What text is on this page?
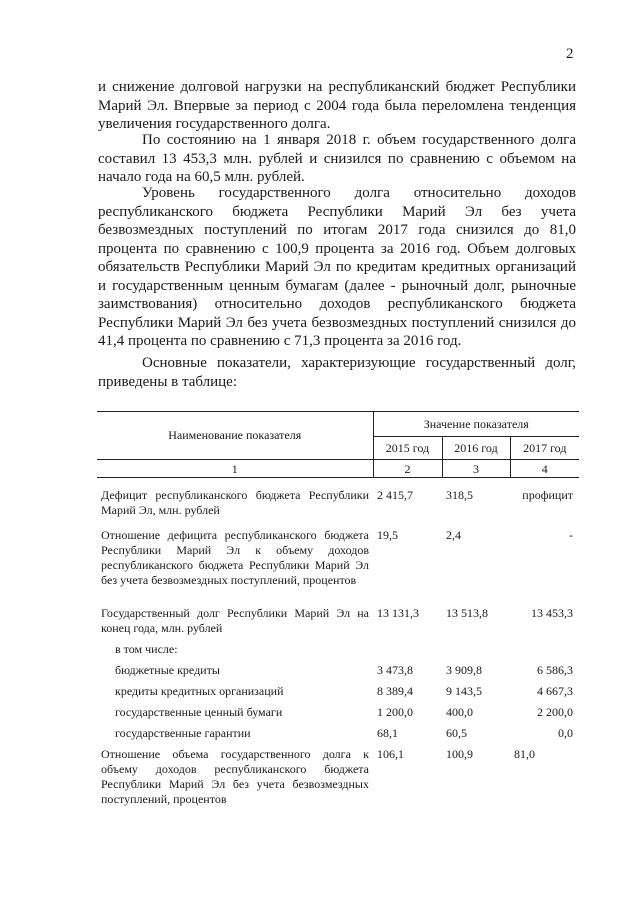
2

и снижение долговой нагрузки на республиканский бюджет Республики Марий Эл. Впервые за период с 2004 года была переломлена тенденция увеличения государственного долга.

По состоянию на 1 января 2018 г. объем государственного долга составил 13 453,3 млн. рублей и снизился по сравнению с объемом на начало года на 60,5 млн. рублей.

Уровень государственного долга относительно доходов республиканского бюджета Республики Марий Эл без учета безвозмездных поступлений по итогам 2017 года снизился до 81,0 процента по сравнению с 100,9 процента за 2016 год. Объем долговых обязательств Республики Марий Эл по кредитам кредитных организаций и государственным ценным бумагам (далее - рыночный долг, рыночные заимствования) относительно доходов республиканского бюджета Республики Марий Эл без учета безвозмездных поступлений снизился до 41,4 процента по сравнению с 71,3 процента за 2016 год.

Основные показатели, характеризующие государственный долг, приведены в таблице:

Наименование показателя	Значение показателя		
	2015 год	2016 год	2017 год
1	2	3	4

Дефицит республиканского бюджета Республики Марий Эл, млн. рублей	2 415,7	318,5	профицит

Отношение дефицита республиканского бюджета Республики Марий Эл к объему доходов республиканского бюджета Республики Марий Эл без учета безвозмездных поступлений, процентов	19,5	2,4	-

Государственный долг Республики Марий Эл на конец года, млн. рублей	13 131,3	13 513,8	13 453,3

в том числе:			

бюджетные кредиты	3 473,8	3 909,8	6 586,3

кредиты кредитных организаций	8 389,4	9 143,5	4 667,3

государственные ценный бумаги	1 200,0	400,0	2 200,0

государственные гарантии	68,1	60,5	0,0

Отношение объема государственного долга к объему доходов республиканского бюджета Республики Марий Эл без учета безвозмездных поступлений, процентов	106,1	100,9	81,0
